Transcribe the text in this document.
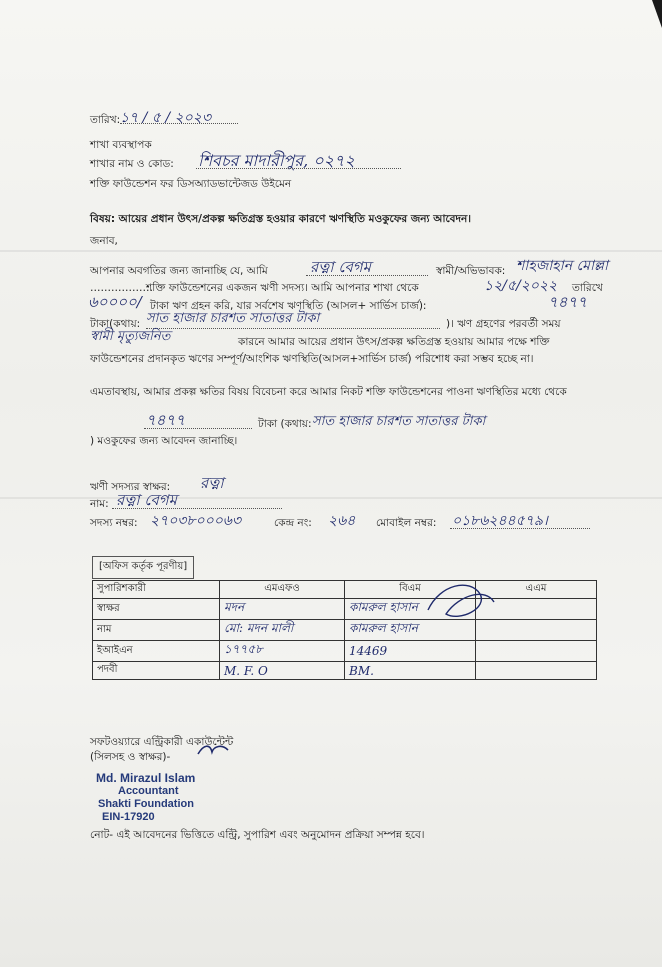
তারিখ: ১৭ / ৫ / ২০২৩
শাখা ব্যবস্থাপক
শাখার নাম ও কোড: শিবচর মাদারীপুর, ০২৭২
শক্তি ফাউন্ডেশন ফর ডিসঅ্যাডভান্টেজড উইমেন
বিষয়: আয়ের প্রধান উৎস/প্রকল্প ক্ষতিগ্রস্ত হওয়ার কারণে ঋণস্থিতি মওকুফের জন্য আবেদন।
জনাব,
আপনার অবগতির জন্য জানাচ্ছি যে, আমি	রত্না বেগম	স্বামী/অভিভাবক: শাহজাহান মোল্লা
………………
শক্তি ফাউন্ডেশনের একজন ঋণী সদস্য। আমি আপনার শাখা থেকে	১২/৫/২০২২ তারিখে
৬০০০০/ টাকা ঋণ গ্রহন করি, যার সর্বশেষ ঋণস্থিতি (আসল+ সার্ভিস চার্জ):	৭৪৭৭
টাকা(কথায়: সাত হাজার চারশত সাতাত্তর টাকা	)। ঋণ গ্রহণের পরবর্তী সময়
স্বামী মৃত্যুজনিত	কারনে আমার আয়ের প্রধান উৎস/প্রকল্প ক্ষতিগ্রস্ত হওয়ায় আমার পক্ষে শক্তি ফাউন্ডেশনের প্রদানকৃত ঋণের সম্পূর্ণ/আংশিক ঋণস্থিতি(আসল+সার্ভিস চার্জ) পরিশোধ করা সম্ভব হচ্ছে না।
এমতাবস্থায়, আমার প্রকল্প ক্ষতির বিষয় বিবেচনা করে আমার নিকট শক্তি ফাউন্ডেশনের পাওনা ঋণস্থিতির মধ্যে থেকে
৭৪৭৭	টাকা (কথায়: সাত হাজার চারশত সাতাত্তর টাকা
) মওকুফের জন্য আবেদন জানাচ্ছি।
ঋণী সদস্যর স্বাক্ষর: রত্না
নাম: রত্না বেগম
সদস্য নম্বর: ২৭০৩৮০০০৬৩	কেন্দ্র নং: ২৬৪ মোবাইল নম্বর: ০১৮৬২৪৪৫৭৯।
[অফিস কর্তৃক পূরণীয়]
সুপারিশকারী	এমএফও	বিএম	এএম
স্বাক্ষর	মদন	কামরুল হাসান	
নাম	মো: মদন মালী	কামরুল হাসান	
ইআইএন	১৭৭৫৮	14469	
পদবী	M. F. O	BM.	
সফটওয়্যারে এন্ট্রিকারী একাউন্টেন্ট
(সিলসহ ও স্বাক্ষর)-
Md. Mirazul Islam
Accountant
Shakti Foundation
EIN-17920
নোট- এই আবেদনের ভিত্তিতে এন্ট্রি, সুপারিশ এবং অনুমোদন প্রক্রিয়া সম্পন্ন হবে।
